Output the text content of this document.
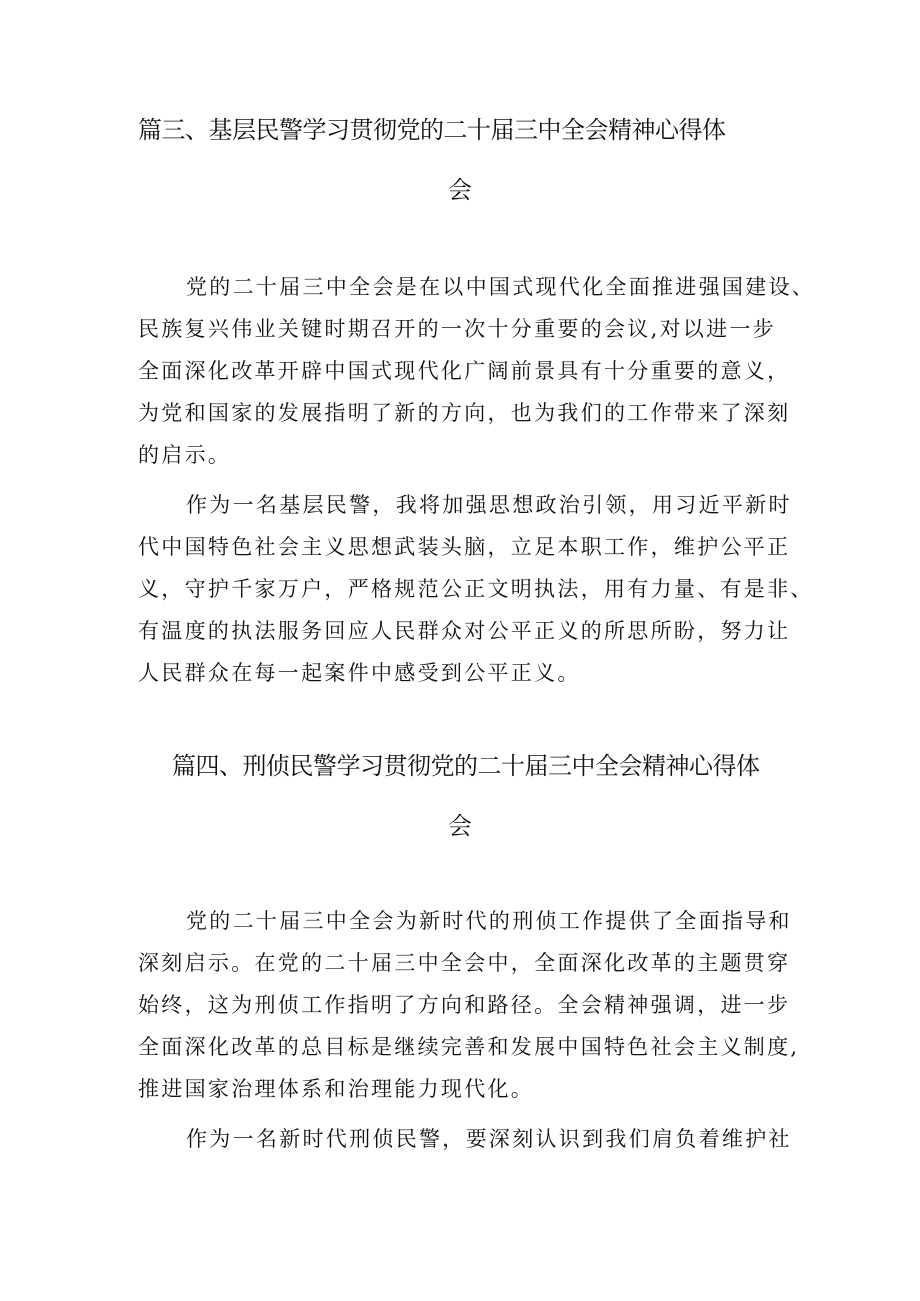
篇三、基层民警学习贯彻党的二十届三中全会精神心得体
会
党的二十届三中全会是在以中国式现代化全面推进强国建设、
民族复兴伟业关键时期召开的一次十分重要的会议,对以进一步
全面深化改革开辟中国式现代化广阔前景具有十分重要的意义，
为党和国家的发展指明了新的方向，也为我们的工作带来了深刻
的启示。
作为一名基层民警，我将加强思想政治引领，用习近平新时
代中国特色社会主义思想武装头脑，立足本职工作，维护公平正
义，守护千家万户，严格规范公正文明执法，用有力量、有是非、
有温度的执法服务回应人民群众对公平正义的所思所盼，努力让
人民群众在每一起案件中感受到公平正义。
篇四、刑侦民警学习贯彻党的二十届三中全会精神心得体
会
党的二十届三中全会为新时代的刑侦工作提供了全面指导和
深刻启示。在党的二十届三中全会中，全面深化改革的主题贯穿
始终，这为刑侦工作指明了方向和路径。全会精神强调，进一步
全面深化改革的总目标是继续完善和发展中国特色社会主义制度,
推进国家治理体系和治理能力现代化。
作为一名新时代刑侦民警，要深刻认识到我们肩负着维护社
